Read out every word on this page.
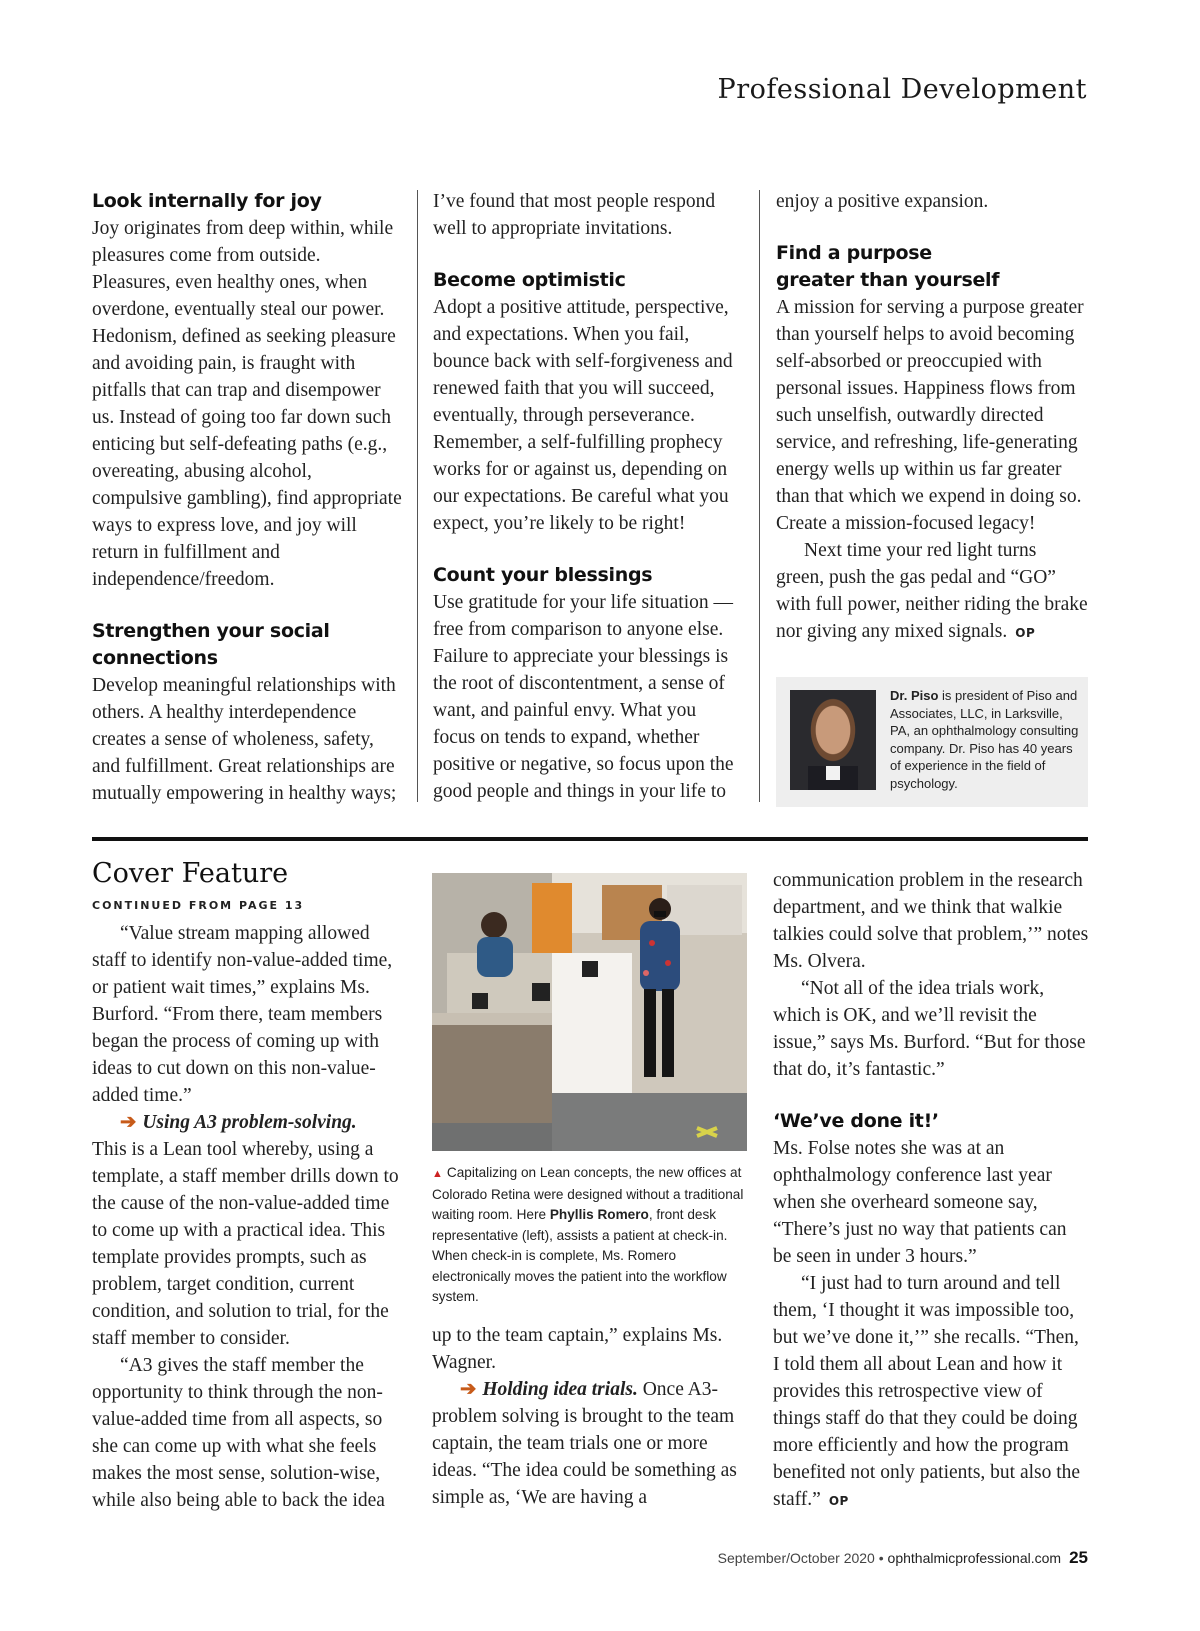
Professional Development
Look internally for joy

Joy originates from deep within, while pleasures come from outside. Pleasures, even healthy ones, when overdone, eventually steal our power. Hedonism, defined as seeking pleasure and avoiding pain, is fraught with pitfalls that can trap and disempower us. Instead of going too far down such enticing but self-defeating paths (e.g., overeating, abusing alcohol, compulsive gambling), find appropriate ways to express love, and joy will return in fulfillment and independence/freedom.

Strengthen your social connections

Develop meaningful relationships with others. A healthy interdependence creates a sense of wholeness, safety, and fulfillment. Great relationships are mutually empowering in healthy ways;

I’ve found that most people respond well to appropriate invitations.

Become optimistic

Adopt a positive attitude, perspective, and expectations. When you fail, bounce back with self-forgiveness and renewed faith that you will succeed, eventually, through perseverance. Remember, a self-fulfilling prophecy works for or against us, depending on our expectations. Be careful what you expect, you’re likely to be right!

Count your blessings

Use gratitude for your life situation — free from comparison to anyone else. Failure to appreciate your blessings is the root of discontentment, a sense of want, and painful envy. What you focus on tends to expand, whether positive or negative, so focus upon the good people and things in your life to

enjoy a positive expansion.

Find a purpose greater than yourself

A mission for serving a purpose greater than yourself helps to avoid becoming self-absorbed or preoccupied with personal issues. Happiness flows from such unselfish, outwardly directed service, and refreshing, life-generating energy wells up within us far greater than that which we expend in doing so. Create a mission-focused legacy!

Next time your red light turns green, push the gas pedal and “GO” with full power, neither riding the brake nor giving any mixed signals. OP

Dr. Piso is president of Piso and Associates, LLC, in Larksville, PA, an ophthalmology consulting company. Dr. Piso has 40 years of experience in the field of psychology.
Cover Feature
CONTINUED FROM PAGE 13

“Value stream mapping allowed staff to identify non-value-added time, or patient wait times,” explains Ms. Burford. “From there, team members began the process of coming up with ideas to cut down on this non-value-added time.”

➔ Using A3 problem-solving.

This is a Lean tool whereby, using a template, a staff member drills down to the cause of the non-value-added time to come up with a practical idea. This template provides prompts, such as problem, target condition, current condition, and solution to trial, for the staff member to consider.

“A3 gives the staff member the opportunity to think through the non-value-added time from all aspects, so she can come up with what she feels makes the most sense, solution-wise, while also being able to back the idea

▲ Capitalizing on Lean concepts, the new offices at Colorado Retina were designed without a traditional waiting room. Here Phyllis Romero, front desk representative (left), assists a patient at check-in. When check-in is complete, Ms. Romero electronically moves the patient into the workflow system.

up to the team captain,” explains Ms. Wagner.

➔ Holding idea trials. Once A3-problem solving is brought to the team captain, the team trials one or more ideas. “The idea could be something as simple as, ‘We are having a

communication problem in the research department, and we think that walkie talkies could solve that problem,’” notes Ms. Olvera.

“Not all of the idea trials work, which is OK, and we’ll revisit the issue,” says Ms. Burford. “But for those that do, it’s fantastic.”

‘We’ve done it!’

Ms. Folse notes she was at an ophthalmology conference last year when she overheard someone say, “There’s just no way that patients can be seen in under 3 hours.”

“I just had to turn around and tell them, ‘I thought it was impossible too, but we’ve done it,’” she recalls. “Then, I told them all about Lean and how it provides this retrospective view of things staff do that they could be doing more efficiently and how the program benefited not only patients, but also the staff.” OP

September/October 2020 • ophthalmicprofessional.com 25
